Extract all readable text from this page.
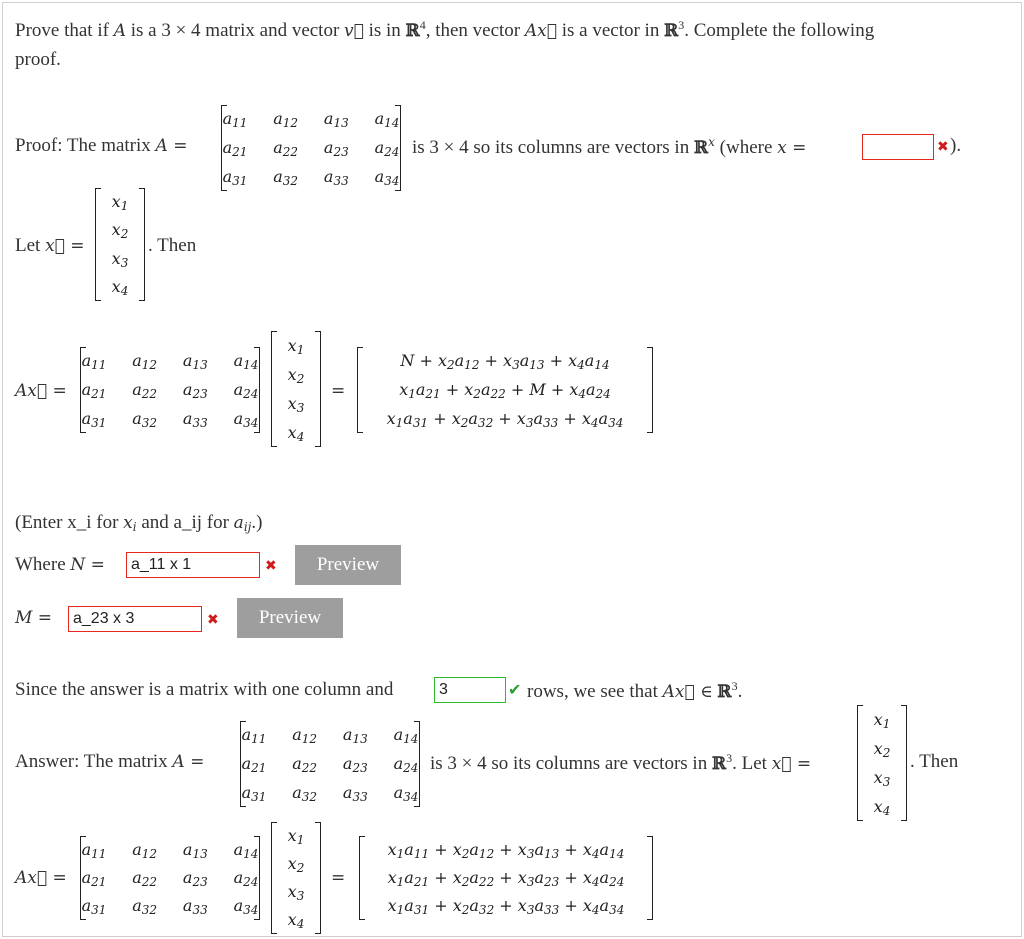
Prove that if A is a 3 × 4 matrix and vector v⃗ is in ℝ$^4$, then vector Ax⃗ is a vector in ℝ$^3$. Complete the following
proof.
Proof: The matrix A =
$a_{11}$ $a_{12}$ $a_{13}$ $a_{14}$
$a_{21}$ $a_{22}$ $a_{23}$ $a_{24}$
$a_{31}$ $a_{32}$ $a_{33}$ $a_{34}$
is 3 × 4 so its columns are vectors in ℝ$^x$ (where x =	✖ ).
Let x⃗ =
$x_1$
$x_2$
$x_3$
$x_4$
. Then
Ax⃗ =
$a_{11}$ $a_{12}$ $a_{13}$ $a_{14}$
$a_{21}$ $a_{22}$ $a_{23}$ $a_{24}$
$a_{31}$ $a_{32}$ $a_{33}$ $a_{34}$
$x_1$
$x_2$
$x_3$
$x_4$
=
$N + x_2a_{12} + x_3a_{13} + x_4a_{14}$
$x_1a_{21} + x_2a_{22} + M + x_4a_{24}$
$x_1a_{31} + x_2a_{32} + x_3a_{33} + x_4a_{34}$
(Enter x_i for $x_i$ and a_ij for $a_{ij}$.)
Where N =	a_11 x 1	✖	Preview
M =	a_23 x 3	✖	Preview
Since the answer is a matrix with one column and	3	✔ rows, we see that Ax⃗ ∈ ℝ$^3$.
Answer: The matrix A =
$a_{11}$ $a_{12}$ $a_{13}$ $a_{14}$
$a_{21}$ $a_{22}$ $a_{23}$ $a_{24}$
$a_{31}$ $a_{32}$ $a_{33}$ $a_{34}$
is 3 × 4 so its columns are vectors in ℝ$^3$. Let x⃗ =
$x_1$
$x_2$
$x_3$
$x_4$
. Then
Ax⃗ =
$a_{11}$ $a_{12}$ $a_{13}$ $a_{14}$
$a_{21}$ $a_{22}$ $a_{23}$ $a_{24}$
$a_{31}$ $a_{32}$ $a_{33}$ $a_{34}$
$x_1$
$x_2$
$x_3$
$x_4$
=
$x_1a_{11} + x_2a_{12} + x_3a_{13} + x_4a_{14}$
$x_1a_{21} + x_2a_{22} + x_3a_{23} + x_4a_{24}$
$x_1a_{31} + x_2a_{32} + x_3a_{33} + x_4a_{34}$
